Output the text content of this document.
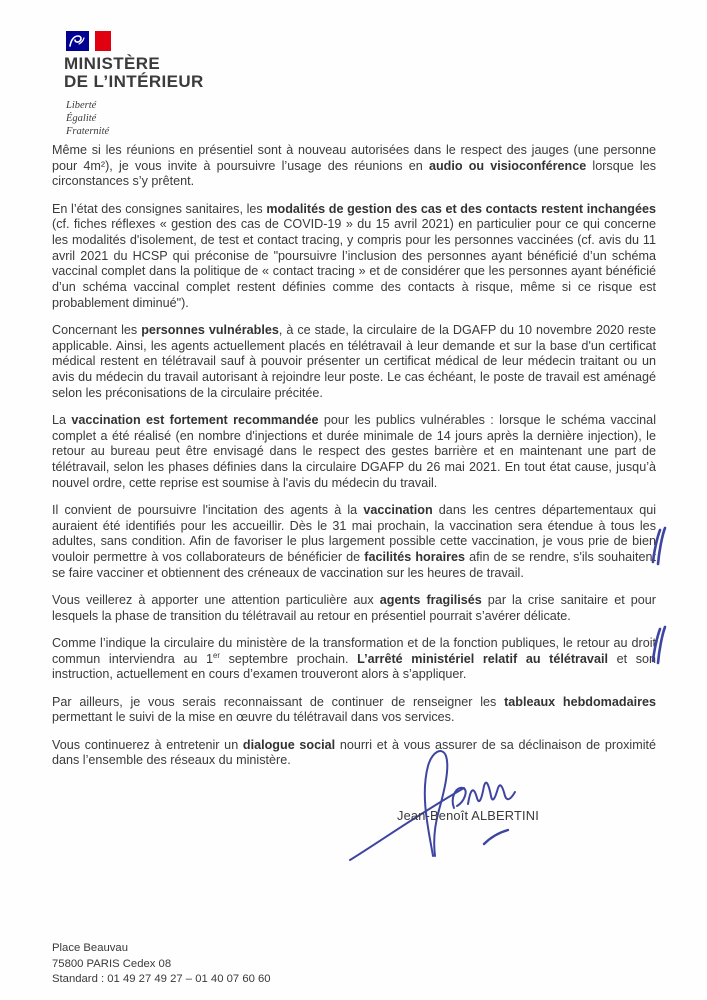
MINISTÈRE
DE L’INTÉRIEUR
Liberté
Égalité
Fraternité

Même si les réunions en présentiel sont à nouveau autorisées dans le respect des jauges (une personne pour 4m²), je vous invite à poursuivre l’usage des réunions en audio ou visioconférence lorsque les circonstances s’y prêtent.

En l’état des consignes sanitaires, les modalités de gestion des cas et des contacts restent inchangées (cf. fiches réflexes « gestion des cas de COVID-19 » du 15 avril 2021) en particulier pour ce qui concerne les modalités d'isolement, de test et contact tracing, y compris pour les personnes vaccinées (cf. avis du 11 avril 2021 du HCSP qui préconise de "poursuivre l’inclusion des personnes ayant bénéficié d’un schéma vaccinal complet dans la politique de « contact tracing » et de considérer que les personnes ayant bénéficié d’un schéma vaccinal complet restent définies comme des contacts à risque, même si ce risque est probablement diminué").

Concernant les personnes vulnérables, à ce stade, la circulaire de la DGAFP du 10 novembre 2020 reste applicable. Ainsi, les agents actuellement placés en télétravail à leur demande et sur la base d'un certificat médical restent en télétravail sauf à pouvoir présenter un certificat médical de leur médecin traitant ou un avis du médecin du travail autorisant à rejoindre leur poste. Le cas échéant, le poste de travail est aménagé selon les préconisations de la circulaire précitée.

La vaccination est fortement recommandée pour les publics vulnérables : lorsque le schéma vaccinal complet a été réalisé (en nombre d'injections et durée minimale de 14 jours après la dernière injection), le retour au bureau peut être envisagé dans le respect des gestes barrière et en maintenant une part de télétravail, selon les phases définies dans la circulaire DGAFP du 26 mai 2021. En tout état cause, jusqu’à nouvel ordre, cette reprise est soumise à l'avis du médecin du travail.

Il convient de poursuivre l'incitation des agents à la vaccination dans les centres départementaux qui auraient été identifiés pour les accueillir. Dès le 31 mai prochain, la vaccination sera étendue à tous les adultes, sans condition. Afin de favoriser le plus largement possible cette vaccination, je vous prie de bien vouloir permettre à vos collaborateurs de bénéficier de facilités horaires afin de se rendre, s'ils souhaitent se faire vacciner et obtiennent des créneaux de vaccination sur les heures de travail.

Vous veillerez à apporter une attention particulière aux agents fragilisés par la crise sanitaire et pour lesquels la phase de transition du télétravail au retour en présentiel pourrait s’avérer délicate.

Comme l’indique la circulaire du ministère de la transformation et de la fonction publiques, le retour au droit commun interviendra au 1er septembre prochain. L’arrêté ministériel relatif au télétravail et son instruction, actuellement en cours d’examen trouveront alors à s’appliquer.

Par ailleurs, je vous serais reconnaissant de continuer de renseigner les tableaux hebdomadaires permettant le suivi de la mise en œuvre du télétravail dans vos services.

Vous continuerez à entretenir un dialogue social nourri et à vous assurer de sa déclinaison de proximité dans l’ensemble des réseaux du ministère.

Jean-Benoît ALBERTINI
Place Beauvau
75800 PARIS Cedex 08
Standard : 01 49 27 49 27 – 01 40 07 60 60
